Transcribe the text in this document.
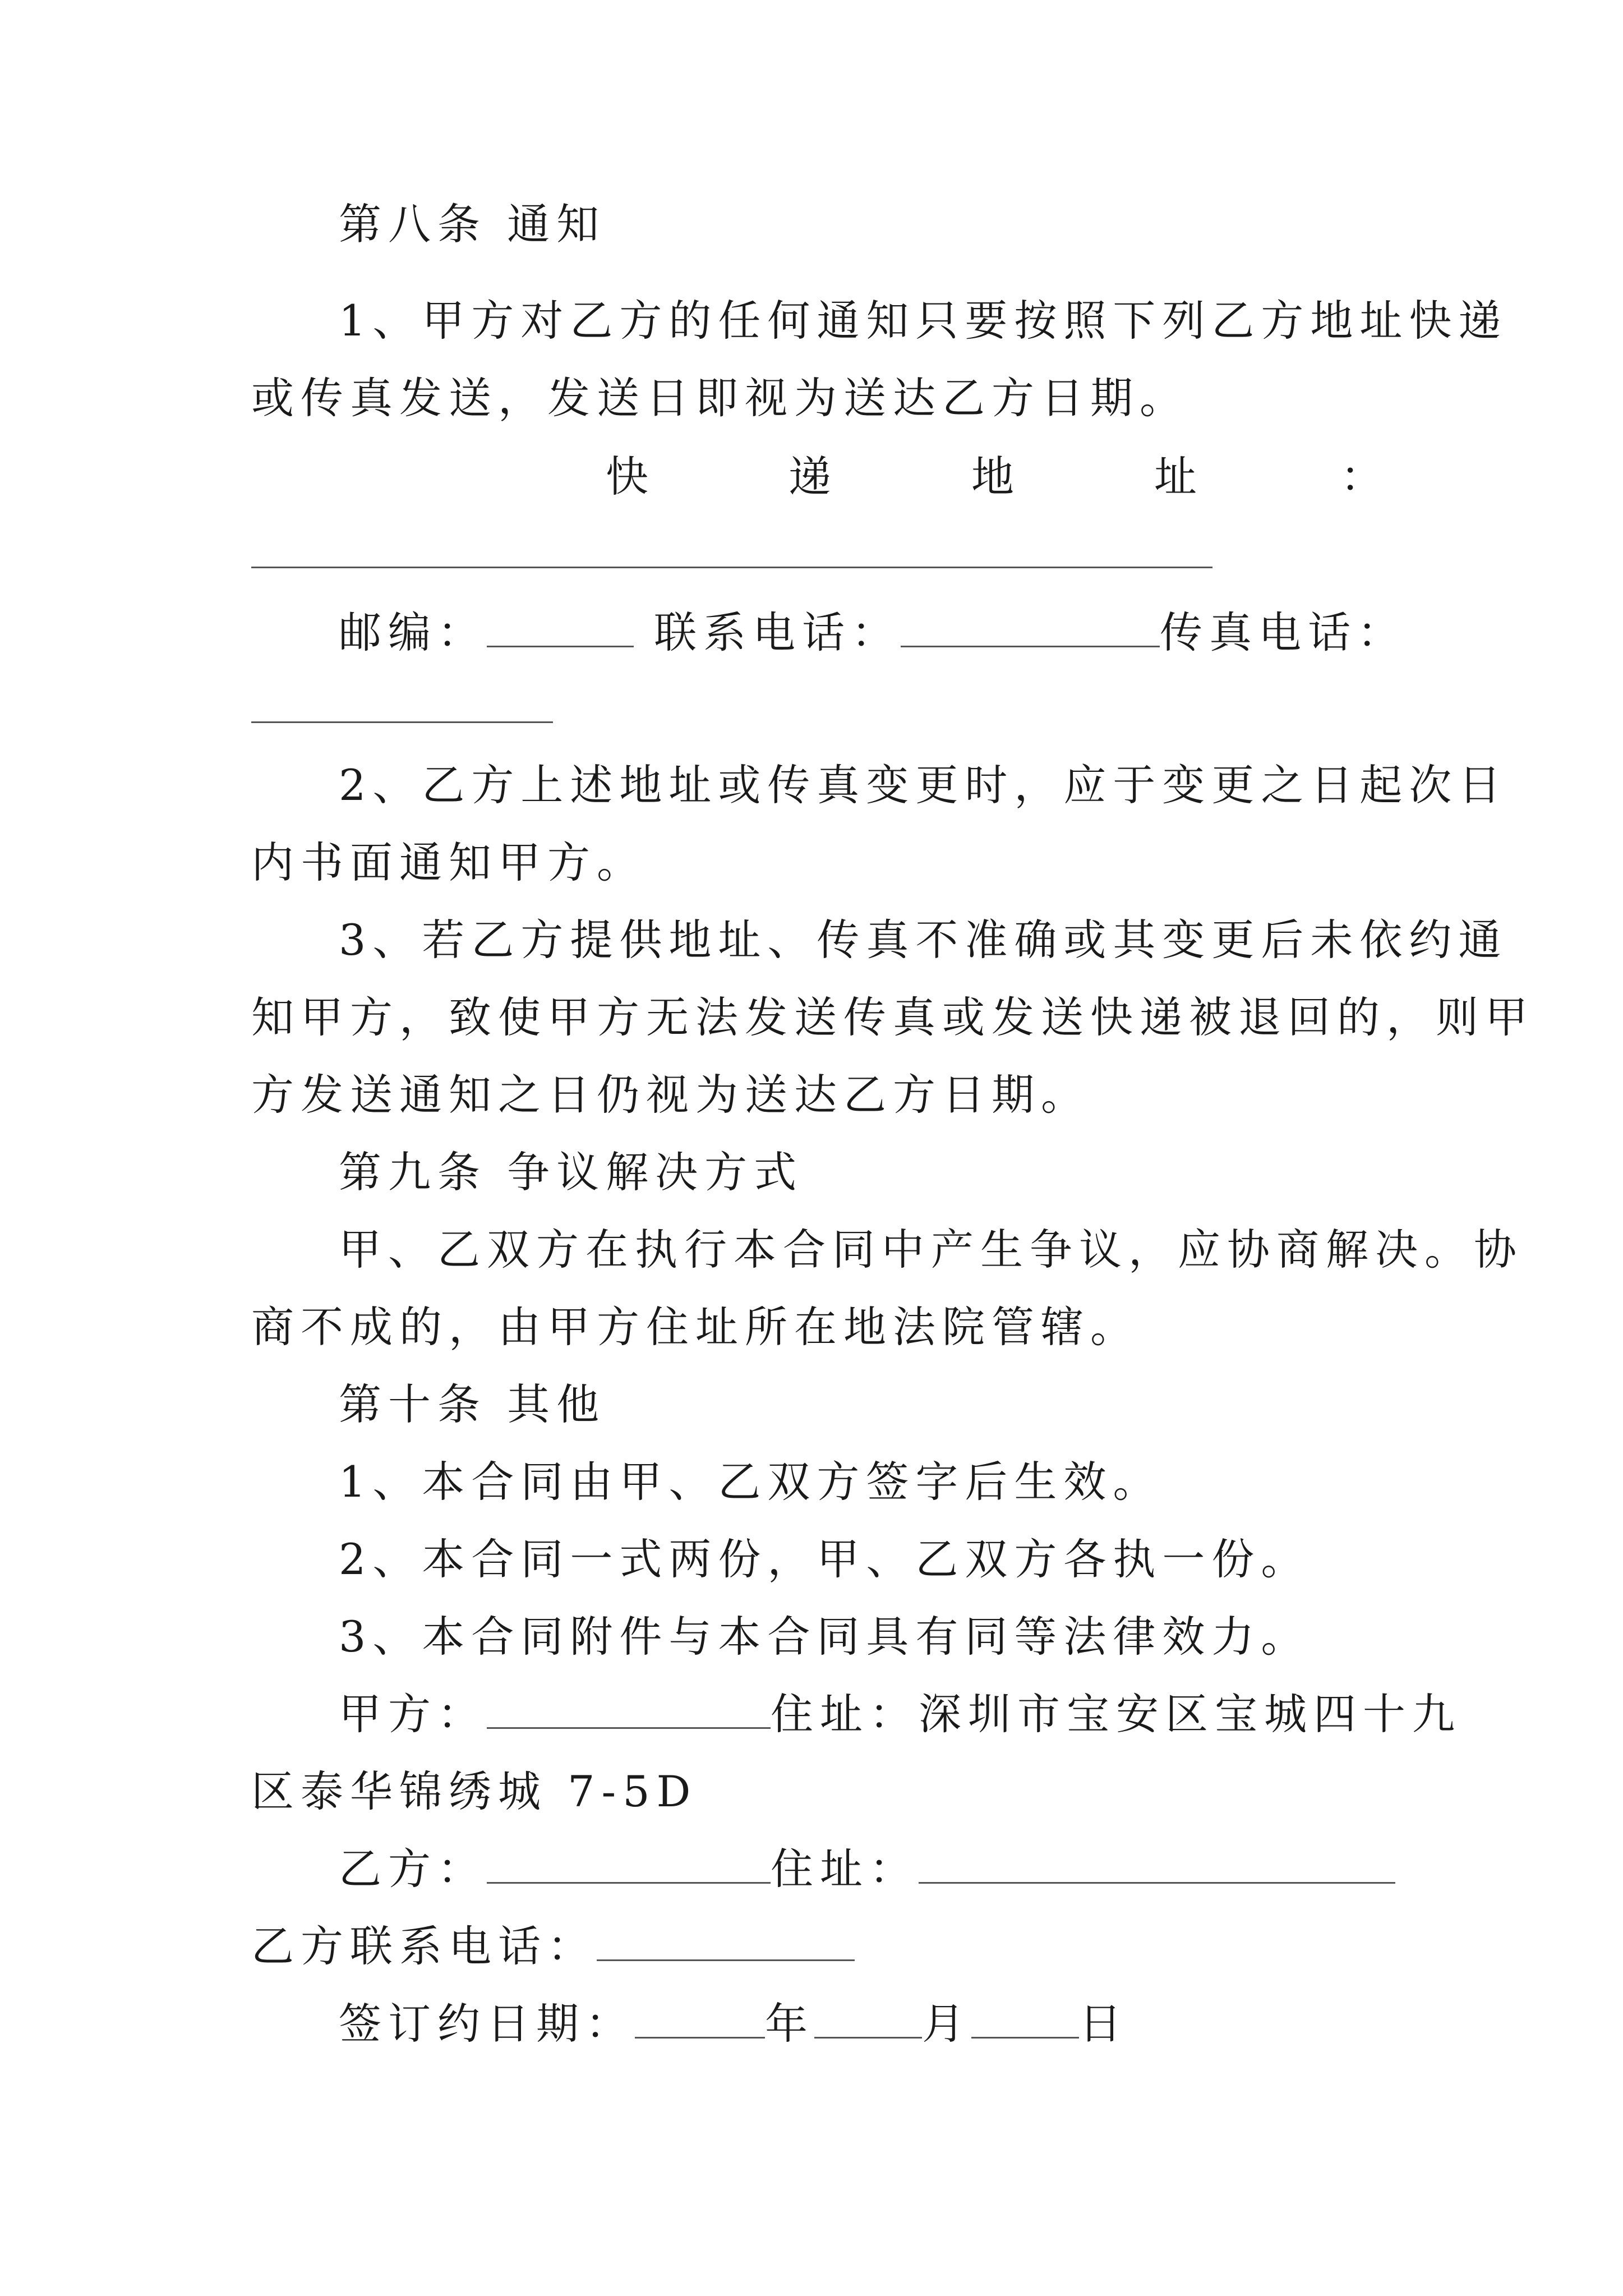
第八条 通知
1、甲方对乙方的任何通知只要按照下列乙方地址快递
或传真发送，发送日即视为送达乙方日期。
快	递	地	址	：
邮编：	联系电话：	传真电话：
2、乙方上述地址或传真变更时，应于变更之日起次日
内书面通知甲方。
3、若乙方提供地址、传真不准确或其变更后未依约通
知甲方，致使甲方无法发送传真或发送快递被退回的，则甲
方发送通知之日仍视为送达乙方日期。
第九条 争议解决方式
甲、乙双方在执行本合同中产生争议，应协商解决。协
商不成的，由甲方住址所在地法院管辖。
第十条 其他
1、本合同由甲、乙双方签字后生效。
2、本合同一式两份，甲、乙双方各执一份。
3、本合同附件与本合同具有同等法律效力。
甲方：	住址：深圳市宝安区宝城四十九
区泰华锦绣城 7-5D
乙方：	住址：
乙方联系电话：
签订约日期：	年	月	日
